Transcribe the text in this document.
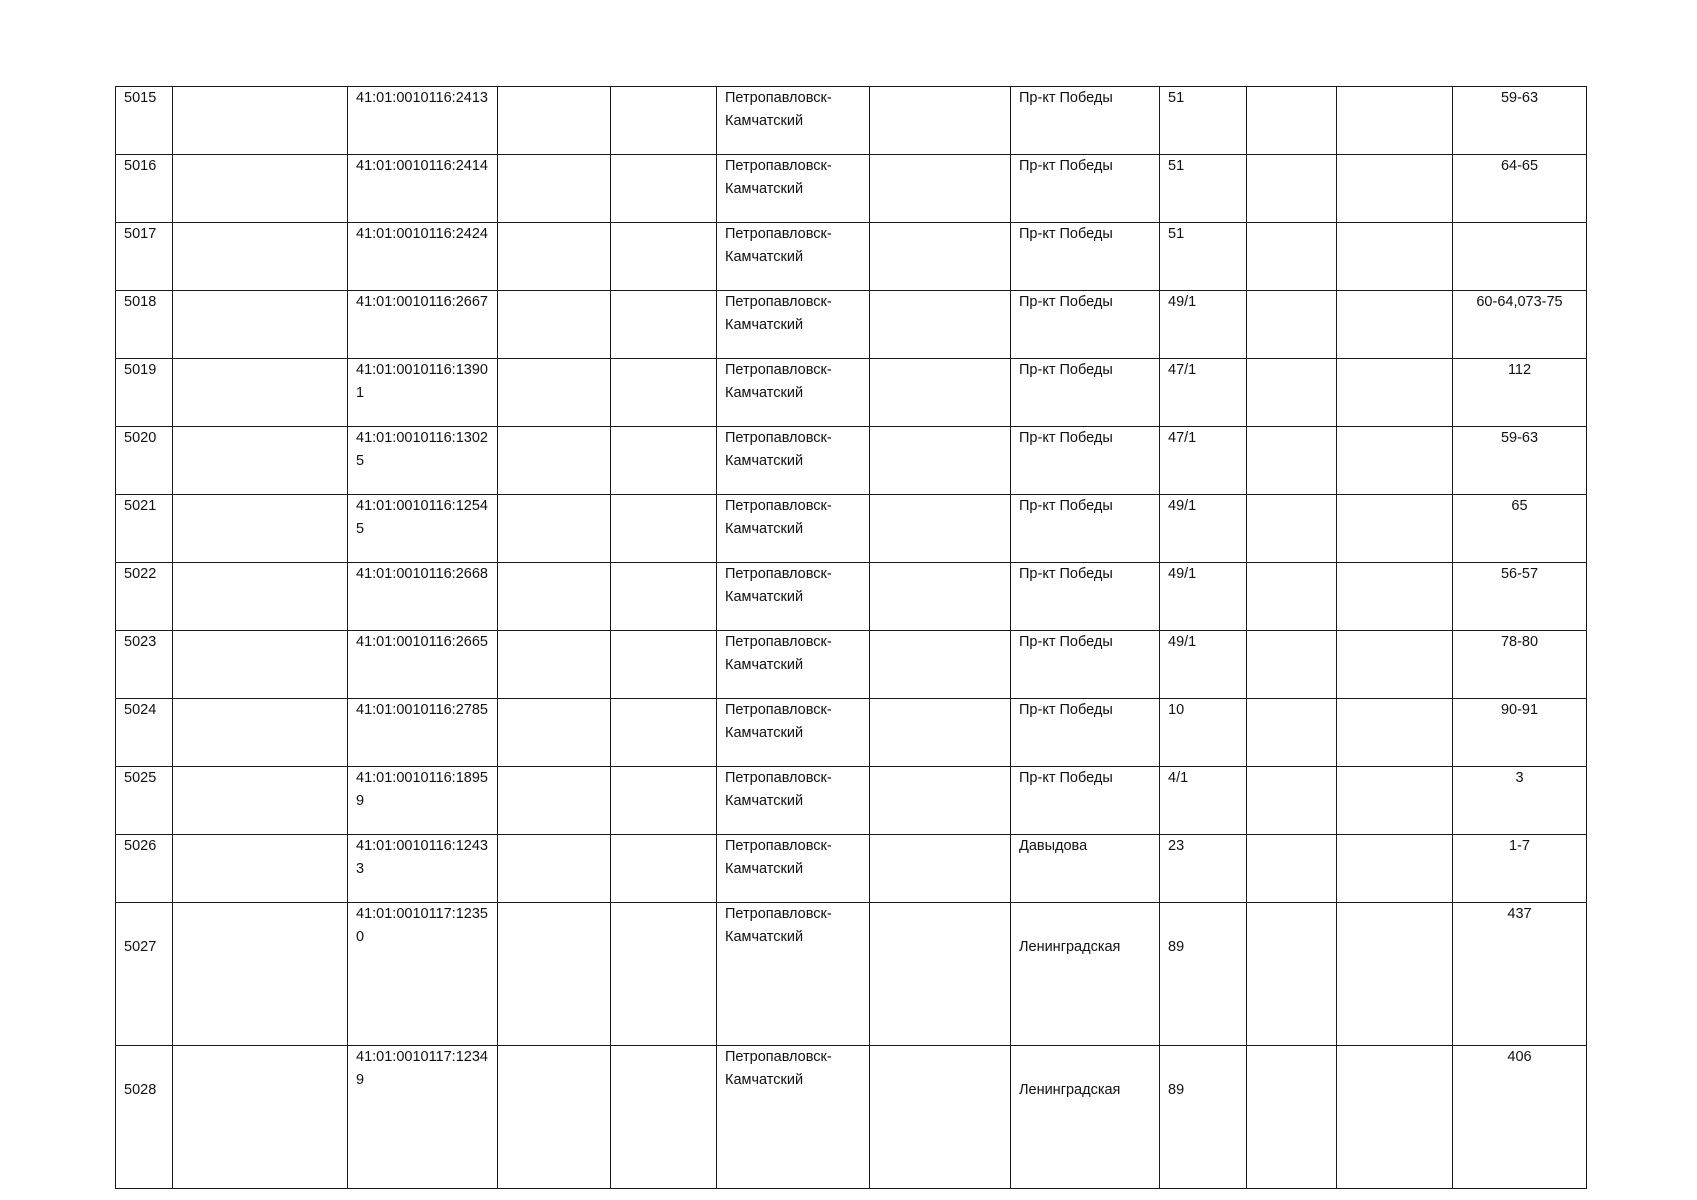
5015		41:01:0010116:2413			Петропавловск-Камчатский		Пр-кт Победы	51			59-63
5016		41:01:0010116:2414			Петропавловск-Камчатский		Пр-кт Победы	51			64-65
5017		41:01:0010116:2424			Петропавловск-Камчатский		Пр-кт Победы	51			
5018		41:01:0010116:2667			Петропавловск-Камчатский		Пр-кт Победы	49/1			60-64,073-75
5019		41:01:0010116:13901			Петропавловск-Камчатский		Пр-кт Победы	47/1			112
5020		41:01:0010116:13025			Петропавловск-Камчатский		Пр-кт Победы	47/1			59-63
5021		41:01:0010116:12545			Петропавловск-Камчатский		Пр-кт Победы	49/1			65
5022		41:01:0010116:2668			Петропавловск-Камчатский		Пр-кт Победы	49/1			56-57
5023		41:01:0010116:2665			Петропавловск-Камчатский		Пр-кт Победы	49/1			78-80
5024		41:01:0010116:2785			Петропавловск-Камчатский		Пр-кт Победы	10			90-91
5025		41:01:0010116:18959			Петропавловск-Камчатский		Пр-кт Победы	4/1			3
5026		41:01:0010116:12433			Петропавловск-Камчатский		Давыдова	23			1-7
5027		41:01:0010117:12350			Петропавловск-Камчатский		Ленинградская	89			437
5028		41:01:0010117:12349			Петропавловск-Камчатский		Ленинградская	89			406
